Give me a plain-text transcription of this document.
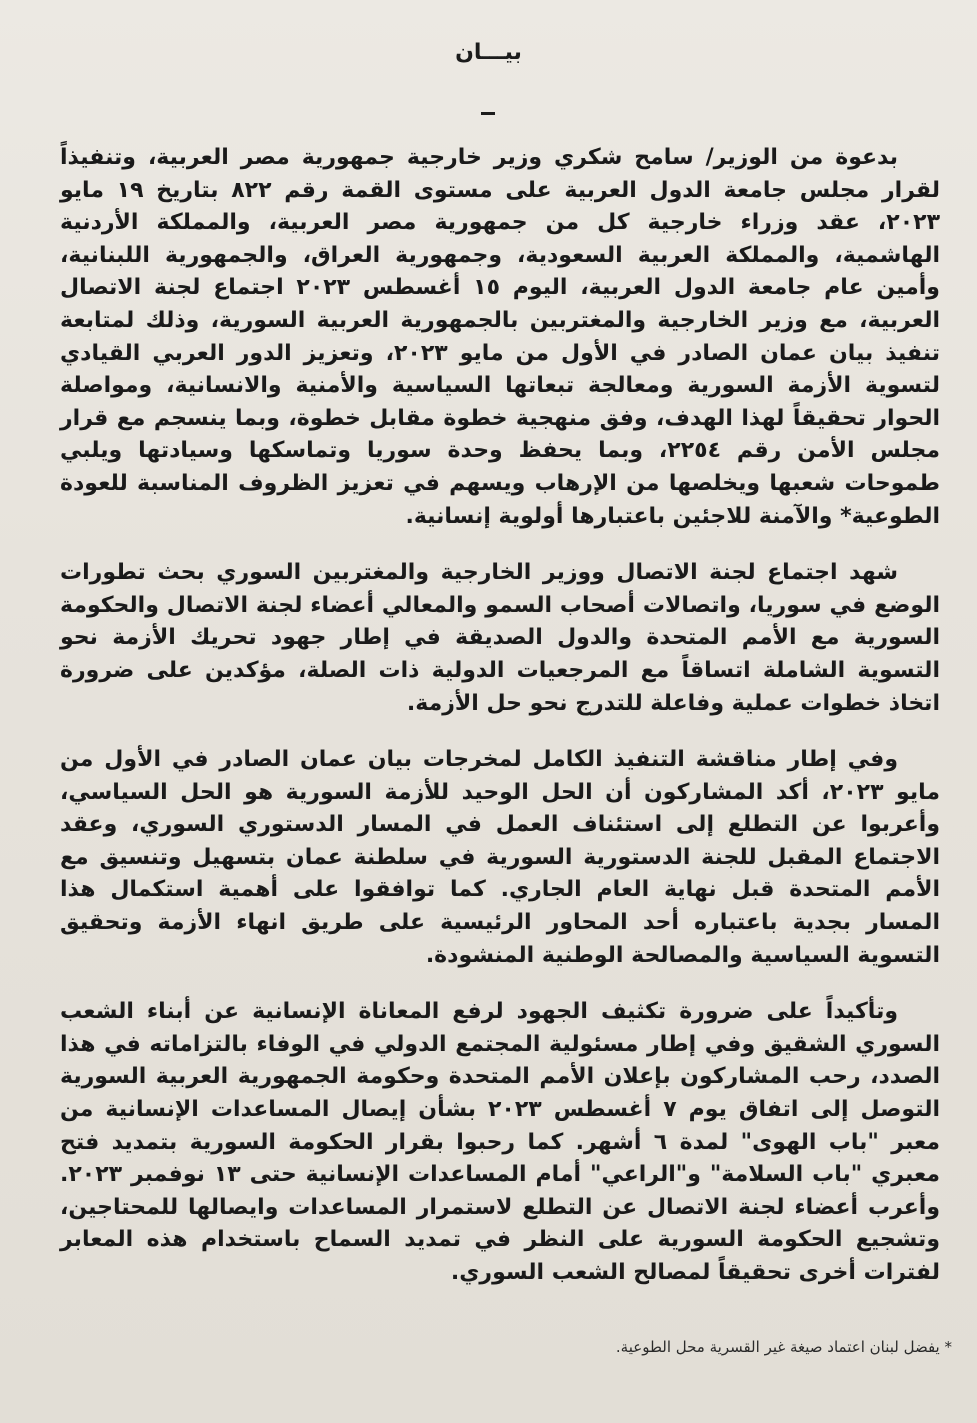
بيـــان

بدعوة من الوزير/ سامح شكري وزير خارجية جمهورية مصر العربية، وتنفيذاً لقرار مجلس جامعة الدول العربية على مستوى القمة رقم ٨٢٢ بتاريخ ١٩ مايو ٢٠٢٣، عقد وزراء خارجية كل من جمهورية مصر العربية، والمملكة الأردنية الهاشمية، والمملكة العربية السعودية، وجمهورية العراق، والجمهورية اللبنانية، وأمين عام جامعة الدول العربية، اليوم ١٥ أغسطس ٢٠٢٣ اجتماع لجنة الاتصال العربية، مع وزير الخارجية والمغتربين بالجمهورية العربية السورية، وذلك لمتابعة تنفيذ بيان عمان الصادر في الأول من مايو ٢٠٢٣، وتعزيز الدور العربي القيادي لتسوية الأزمة السورية ومعالجة تبعاتها السياسية والأمنية والانسانية، ومواصلة الحوار تحقيقاً لهذا الهدف، وفق منهجية خطوة مقابل خطوة، وبما ينسجم مع قرار مجلس الأمن رقم ٢٢٥٤، وبما يحفظ وحدة سوريا وتماسكها وسيادتها ويلبي طموحات شعبها ويخلصها من الإرهاب ويسهم في تعزيز الظروف المناسبة للعودة الطوعية* والآمنة للاجئين باعتبارها أولوية إنسانية.

شهد اجتماع لجنة الاتصال ووزير الخارجية والمغتربين السوري بحث تطورات الوضع في سوريا، واتصالات أصحاب السمو والمعالي أعضاء لجنة الاتصال والحكومة السورية مع الأمم المتحدة والدول الصديقة في إطار جهود تحريك الأزمة نحو التسوية الشاملة اتساقاً مع المرجعيات الدولية ذات الصلة، مؤكدين على ضرورة اتخاذ خطوات عملية وفاعلة للتدرج نحو حل الأزمة.

وفي إطار مناقشة التنفيذ الكامل لمخرجات بيان عمان الصادر في الأول من مايو ٢٠٢٣، أكد المشاركون أن الحل الوحيد للأزمة السورية هو الحل السياسي، وأعربوا عن التطلع إلى استئناف العمل في المسار الدستوري السوري، وعقد الاجتماع المقبل للجنة الدستورية السورية في سلطنة عمان بتسهيل وتنسيق مع الأمم المتحدة قبل نهاية العام الجاري. كما توافقوا على أهمية استكمال هذا المسار بجدية باعتباره أحد المحاور الرئيسية على طريق انهاء الأزمة وتحقيق التسوية السياسية والمصالحة الوطنية المنشودة.

وتأكيداً على ضرورة تكثيف الجهود لرفع المعاناة الإنسانية عن أبناء الشعب السوري الشقيق وفي إطار مسئولية المجتمع الدولي في الوفاء بالتزاماته في هذا الصدد، رحب المشاركون بإعلان الأمم المتحدة وحكومة الجمهورية العربية السورية التوصل إلى اتفاق يوم ٧ أغسطس ٢٠٢٣ بشأن إيصال المساعدات الإنسانية من معبر "باب الهوى" لمدة ٦ أشهر. كما رحبوا بقرار الحكومة السورية بتمديد فتح معبري "باب السلامة" و"الراعي" أمام المساعدات الإنسانية حتى ١٣ نوفمبر ٢٠٢٣. وأعرب أعضاء لجنة الاتصال عن التطلع لاستمرار المساعدات وايصالها للمحتاجين، وتشجيع الحكومة السورية على النظر في تمديد السماح باستخدام هذه المعابر لفترات أخرى تحقيقاً لمصالح الشعب السوري.

* يفضل لبنان اعتماد صيغة غير القسرية محل الطوعية.
